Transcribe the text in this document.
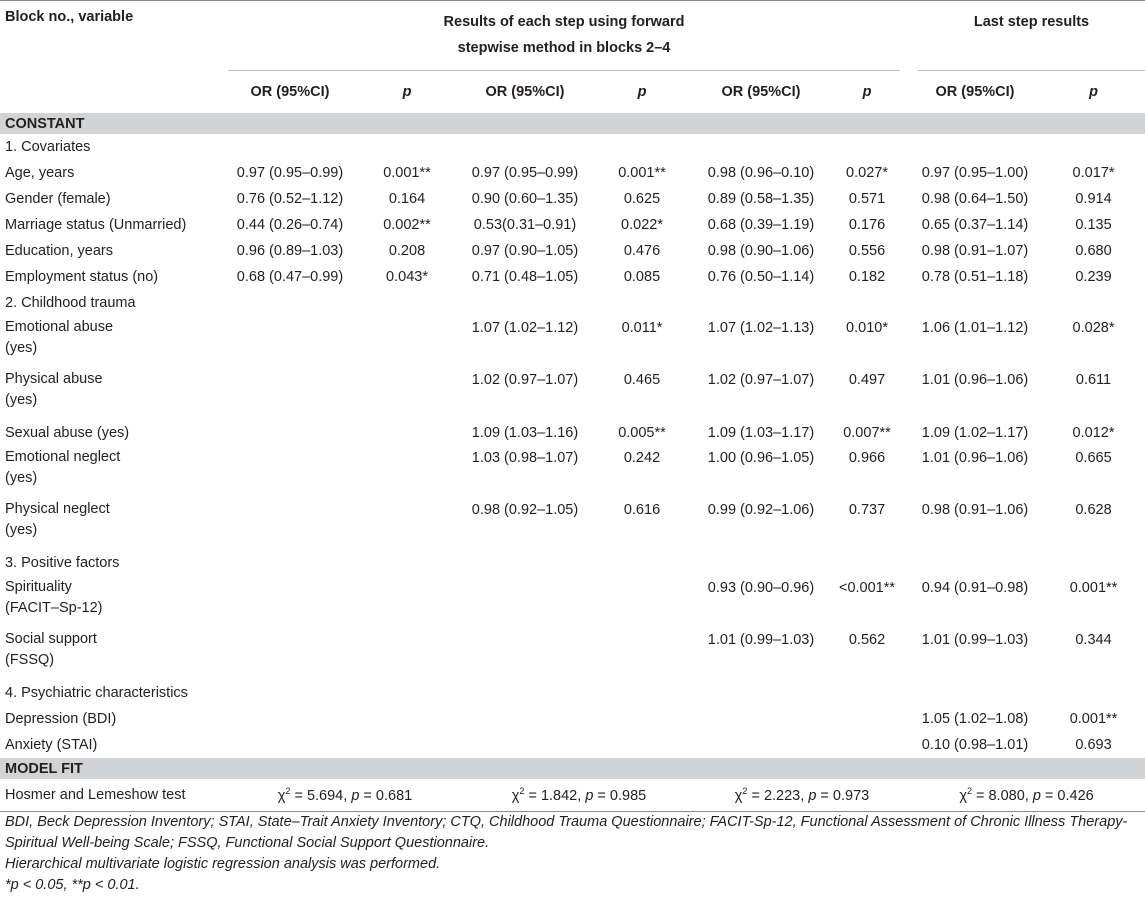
Block no., variable	Results of each step using forward
stepwise method in blocks 2–4						Last step results	

	OR (95%CI)	p	OR (95%CI)	p	OR (95%CI)	p	OR (95%CI)	p
CONSTANT								
1. Covariates								
Age, years	0.97 (0.95–0.99)	0.001**	0.97 (0.95–0.99)	0.001**	0.98 (0.96–0.10)	0.027*	0.97 (0.95–1.00)	0.017*
Gender (female)	0.76 (0.52–1.12)	0.164	0.90 (0.60–1.35)	0.625	0.89 (0.58–1.35)	0.571	0.98 (0.64–1.50)	0.914
Marriage status (Unmarried)	0.44 (0.26–0.74)	0.002**	0.53(0.31–0.91)	0.022*	0.68 (0.39–1.19)	0.176	0.65 (0.37–1.14)	0.135
Education, years	0.96 (0.89–1.03)	0.208	0.97 (0.90–1.05)	0.476	0.98 (0.90–1.06)	0.556	0.98 (0.91–1.07)	0.680
Employment status (no)	0.68 (0.47–0.99)	0.043*	0.71 (0.48–1.05)	0.085	0.76 (0.50–1.14)	0.182	0.78 (0.51–1.18)	0.239
2. Childhood trauma								
Emotional abuse
(yes)			1.07 (1.02–1.12)	0.011*	1.07 (1.02–1.13)	0.010*	1.06 (1.01–1.12)	0.028*
Physical abuse
(yes)			1.02 (0.97–1.07)	0.465	1.02 (0.97–1.07)	0.497	1.01 (0.96–1.06)	0.611
Sexual abuse (yes)			1.09 (1.03–1.16)	0.005**	1.09 (1.03–1.17)	0.007**	1.09 (1.02–1.17)	0.012*
Emotional neglect
(yes)			1.03 (0.98–1.07)	0.242	1.00 (0.96–1.05)	0.966	1.01 (0.96–1.06)	0.665
Physical neglect
(yes)			0.98 (0.92–1.05)	0.616	0.99 (0.92–1.06)	0.737	0.98 (0.91–1.06)	0.628
3. Positive factors								
Spirituality
(FACIT–Sp-12)					0.93 (0.90–0.96)	<0.001**	0.94 (0.91–0.98)	0.001**
Social support
(FSSQ)					1.01 (0.99–1.03)	0.562	1.01 (0.99–1.03)	0.344
4. Psychiatric characteristics								
Depression (BDI)							1.05 (1.02–1.08)	0.001**
Anxiety (STAI)							0.10 (0.98–1.01)	0.693
MODEL FIT								
Hosmer and Lemeshow test	$\chi^2 = 5.694$, p = 0.681		$\chi^2 = 1.842$, p = 0.985		$\chi^2 = 2.223$, p = 0.973		$\chi^2 = 8.080$, p = 0.426	
BDI, Beck Depression Inventory; STAI, State–Trait Anxiety Inventory; CTQ, Childhood Trauma Questionnaire; FACIT-Sp-12, Functional Assessment of Chronic Illness Therapy-Spiritual Well-being Scale; FSSQ, Functional Social Support Questionnaire.
Hierarchical multivariate logistic regression analysis was performed.
*p < 0.05, **p < 0.01.
